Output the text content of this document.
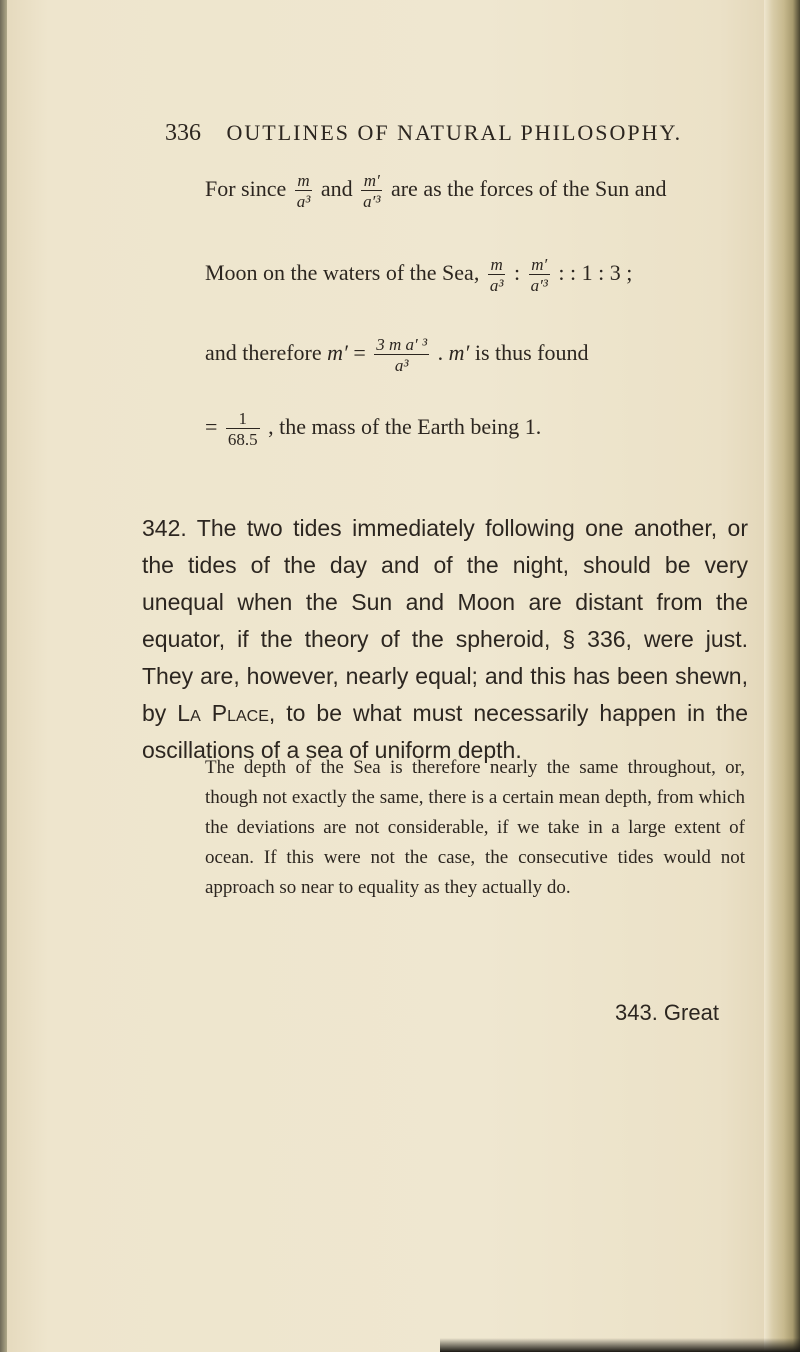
336 OUTLINES OF NATURAL PHILOSOPHY.
For since $\frac{m}{\text{a³}}$ and $\frac{m'}{\text{a′³}}$ are as the forces of the Sun and
Moon on the waters of the Sea, $\frac{m}{\text{a³}}$ : $\frac{m'}{\text{a′³}}$ : : 1 : 3 ;
and therefore $m' = \frac{\text{3 m a′ ³}}{\text{a³}}$ . m′ is thus found
= $\frac{1}{68.5}$ , the mass of the Earth being 1.

342. The two tides immediately following one another, or the tides of the day and of the night, should be very unequal when the Sun and Moon are distant from the equator, if the theory of the spheroid, § 336, were just. They are, however, nearly equal; and this has been shewn, by La Place, to be what must necessarily happen in the oscillations of a sea of uniform depth.

The depth of the Sea is therefore nearly the same throughout, or, though not exactly the same, there is a certain mean depth, from which the deviations are not considerable, if we take in a large extent of ocean. If this were not the case, the consecutive tides would not approach so near to equality as they actually do.

343. Great
